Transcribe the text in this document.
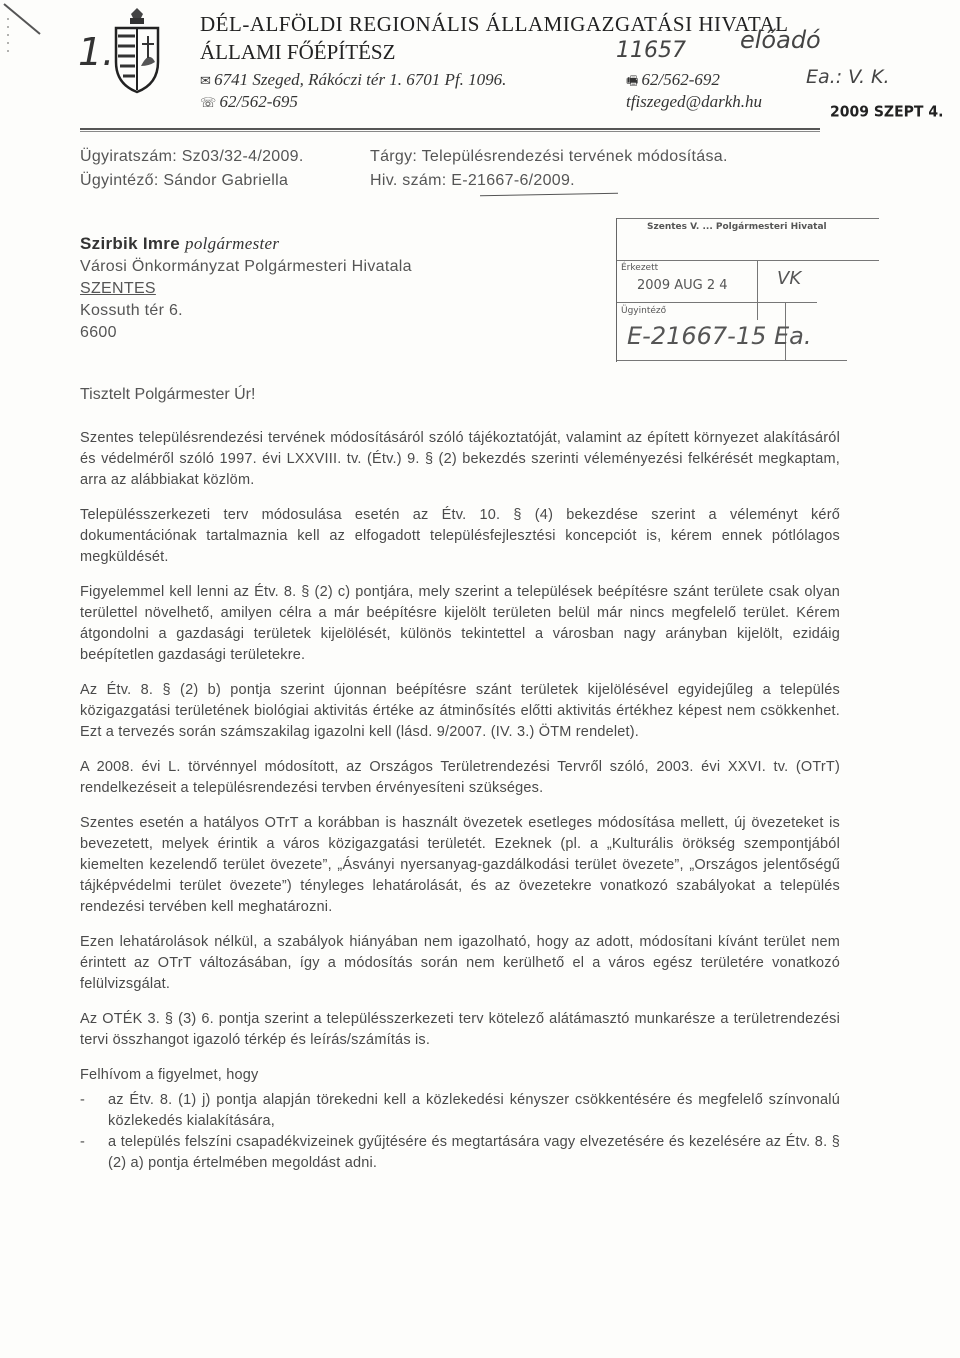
1.
DÉL-ALFÖLDI REGIONÁLIS ÁLLAMIGAZGATÁSI HIVATAL
ÁLLAMI FŐÉPÍTÉSZ
✉ 6741 Szeged, Rákóczi tér 1. 6701 Pf. 1096.
☏ 62/562-695
🖷 62/562-692
tfiszeged@darkh.hu
11657 előadó
Ea.: V. K.
2009 SZEPT 4.
Ügyiratszám: Sz03/32-4/2009.
Ügyintéző: Sándor Gabriella
Tárgy: Településrendezési tervének módosítása.
Hiv. szám: E-21667-6/2009.
Szirbik Imre polgármester
Városi Önkormányzat Polgármesteri Hivatala
SZENTES
Kossuth tér 6.
6600
Szentes V. ... Polgármesteri Hivatal
Érkezett
2009 AUG 2 4
Ügyintéző
VK
E-21667-15 Ea.
Tisztelt Polgármester Úr!

Szentes településrendezési tervének módosításáról szóló tájékoztatóját, valamint az épített környezet alakításáról és védelméről szóló 1997. évi LXXVIII. tv. (Étv.) 9. § (2) bekezdés szerinti véleményezési felkérését megkaptam, arra az alábbiakat közlöm.

Településszerkezeti terv módosulása esetén az Étv. 10. § (4) bekezdése szerint a véleményt kérő dokumentációnak tartalmaznia kell az elfogadott településfejlesztési koncepciót is, kérem ennek pótlólagos megküldését.

Figyelemmel kell lenni az Étv. 8. § (2) c) pontjára, mely szerint a települések beépítésre szánt területe csak olyan területtel növelhető, amilyen célra a már beépítésre kijelölt területen belül már nincs megfelelő terület. Kérem átgondolni a gazdasági területek kijelölését, különös tekintettel a városban nagy arányban kijelölt, ezidáig beépítetlen gazdasági területekre.

Az Étv. 8. § (2) b) pontja szerint újonnan beépítésre szánt területek kijelölésével egyidejűleg a település közigazgatási területének biológiai aktivitás értéke az átminősítés előtti aktivitás értékhez képest nem csökkenhet. Ezt a tervezés során számszakilag igazolni kell (lásd. 9/2007. (IV. 3.) ÖTM rendelet).

A 2008. évi L. törvénnyel módosított, az Országos Területrendezési Tervről szóló, 2003. évi XXVI. tv. (OTrT) rendelkezéseit a településrendezési tervben érvényesíteni szükséges.

Szentes esetén a hatályos OTrT a korábban is használt övezetek esetleges módosítása mellett, új övezeteket is bevezetett, melyek érintik a város közigazgatási területét. Ezeknek (pl. a „Kulturális örökség szempontjából kiemelten kezelendő terület övezete”, „Ásványi nyersanyag-gazdálkodási terület övezete”, „Országos jelentőségű tájképvédelmi terület övezete”) tényleges lehatárolását, és az övezetekre vonatkozó szabályokat a település rendezési tervében kell meghatározni.

Ezen lehatárolások nélkül, a szabályok hiányában nem igazolható, hogy az adott, módosítani kívánt terület nem érintett az OTrT változásában, így a módosítás során nem kerülhető el a város egész területére vonatkozó felülvizsgálat.

Az OTÉK 3. § (3) 6. pontja szerint a településszerkezeti terv kötelező alátámasztó munkarésze a területrendezési tervi összhangot igazoló térkép és leírás/számítás is.

Felhívom a figyelmet, hogy

- az Étv. 8. (1) j) pontja alapján törekedni kell a közlekedési kényszer csökkentésére és megfelelő színvonalú közlekedés kialakítására,
- a település felszíni csapadékvizeinek gyűjtésére és megtartására vagy elvezetésére és kezelésére az Étv. 8. § (2) a) pontja értelmében megoldást adni.
